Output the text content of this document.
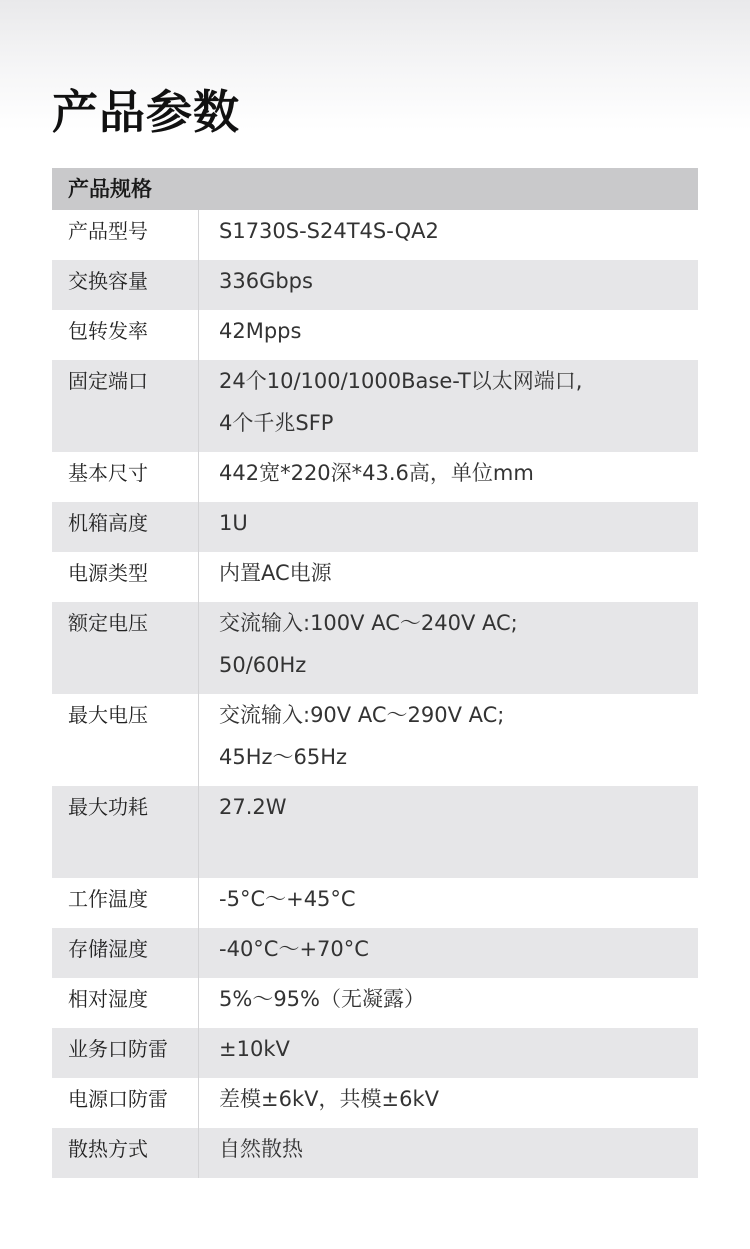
产品参数
产品规格
产品型号	S1730S-S24T4S-QA2
交换容量	336Gbps
包转发率	42Mpps
固定端口	24个10/100/1000Base-T以太网端口,
4个千兆SFP
基本尺寸	442宽*220深*43.6高，单位mm
机箱高度	1U
电源类型	内置AC电源
额定电压	交流输入:100V AC～240V AC;
50/60Hz
最大电压	交流输入:90V AC～290V AC;
45Hz～65Hz
最大功耗	27.2W
工作温度	-5°C～+45°C
存储湿度	-40°C～+70°C
相对湿度	5%～95%（无凝露）
业务口防雷	±10kV
电源口防雷	差模±6kV，共模±6kV
散热方式	自然散热
